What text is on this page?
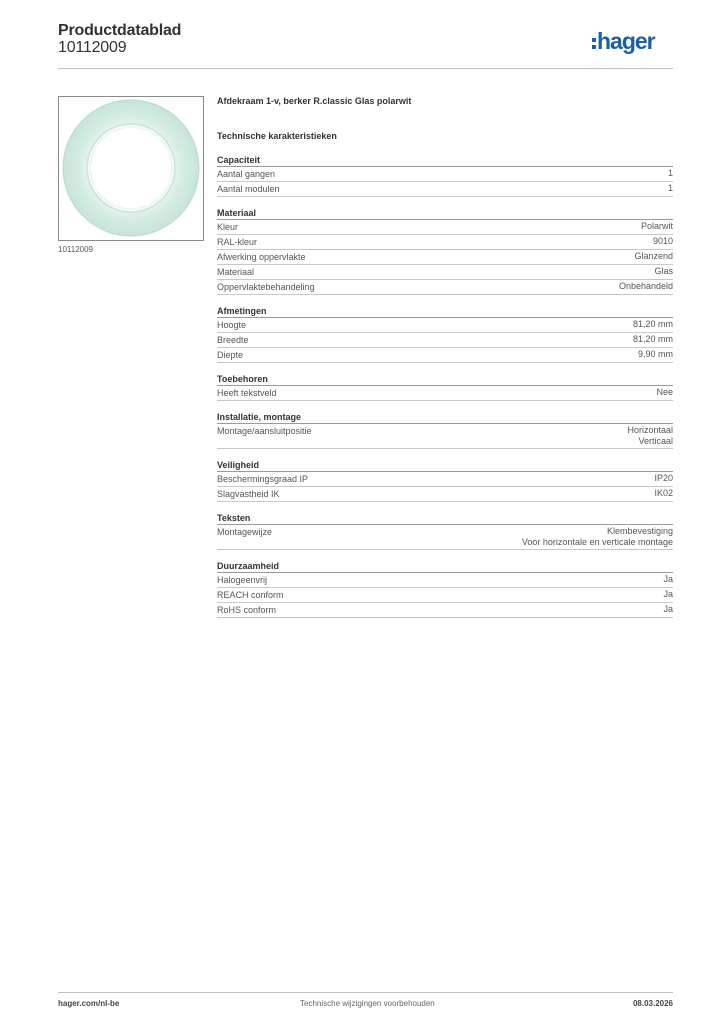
Productdatablad
10112009	hager
10112009
Afdekraam 1-v, berker R.classic Glas polarwit
Technische karakteristieken
Capaciteit
Aantal gangen	1
Aantal modulen	1
Materiaal
Kleur	Polarwit
RAL-kleur	9010
Afwerking oppervlakte	Glanzend
Materiaal	Glas
Oppervlaktebehandeling	Onbehandeld
Afmetingen
Hoogte	81,20 mm
Breedte	81,20 mm
Diepte	9,90 mm
Toebehoren
Heeft tekstveld	Nee
Installatie, montage
Montage/aansluitpositie	Horizontaal
Verticaal
Veiligheid
Beschermingsgraad IP	IP20
Slagvastheid IK	IK02
Teksten
Montagewijze	Klembevestiging
Voor horizontale en verticale montage
Duurzaamheid
Halogeenvrij	Ja
REACH conform	Ja
RoHS conform	Ja
hager.com/nl-be	Technische wijzigingen voorbehouden	08.03.2026
